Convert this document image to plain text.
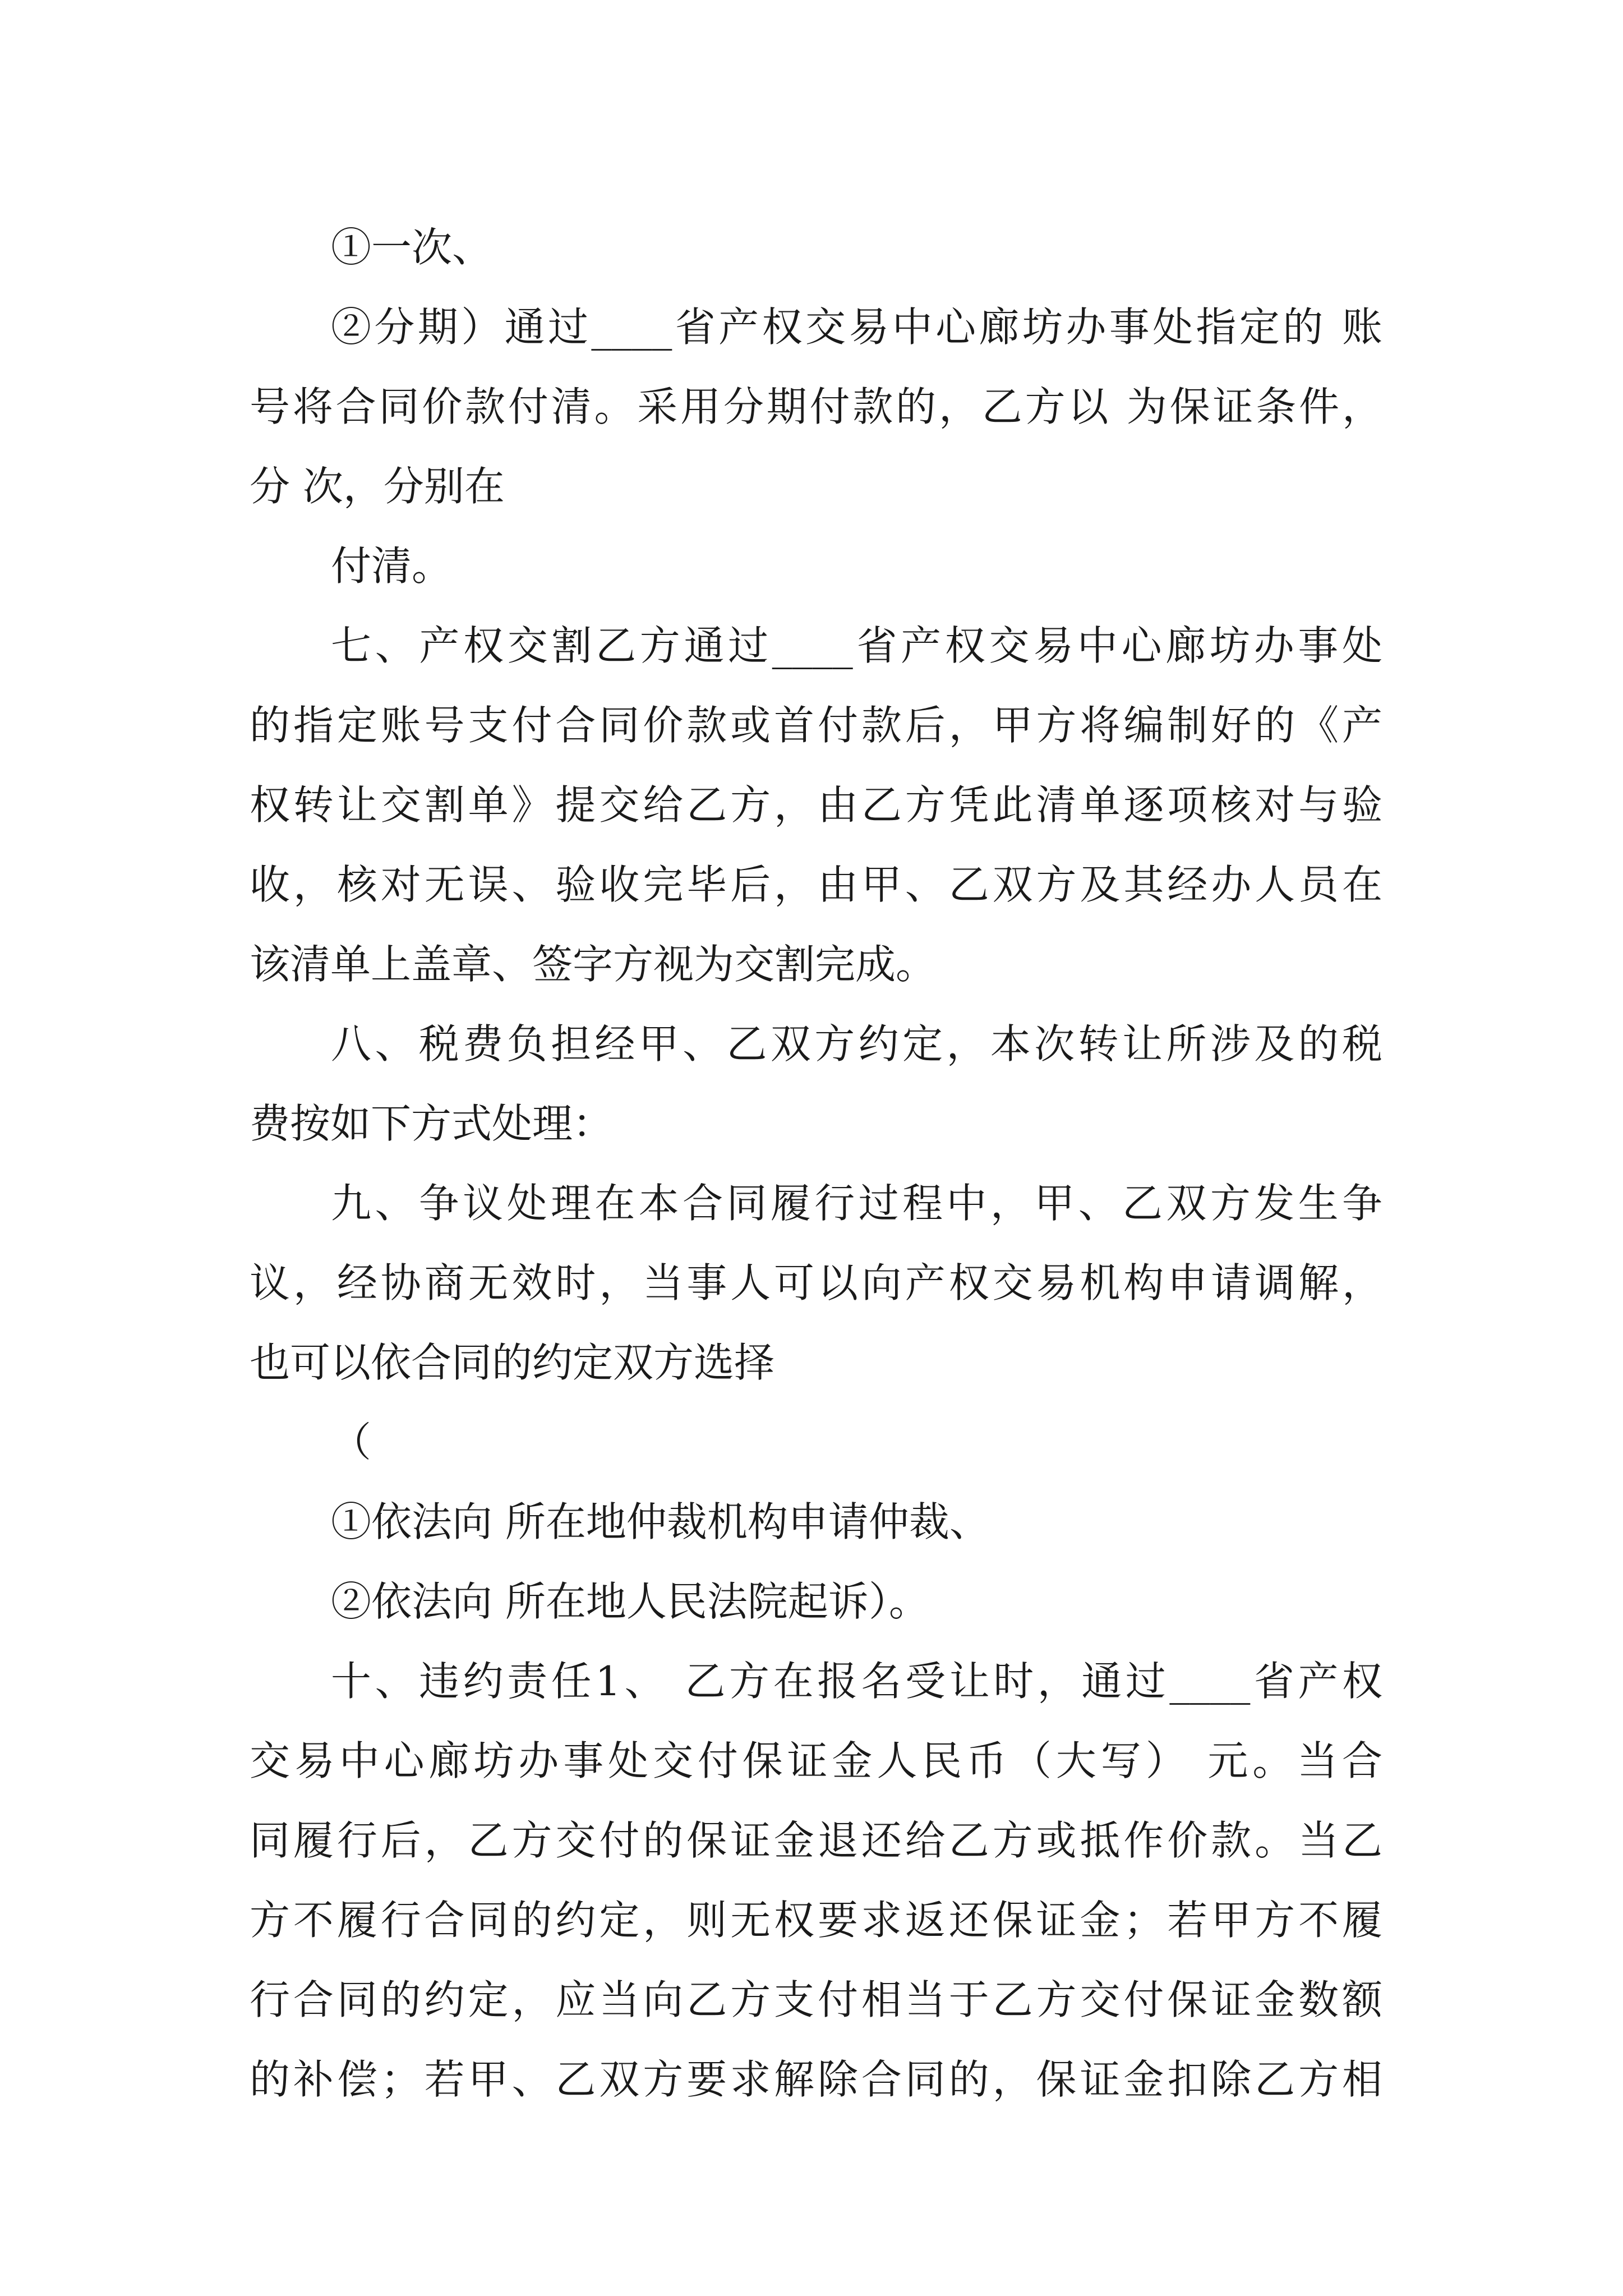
①一次、
②分期）通过____省产权交易中心廊坊办事处指定的 账
号将合同价款付清。采用分期付款的，乙方以 为保证条件，
分 次，分别在
付清。
七、产权交割乙方通过____省产权交易中心廊坊办事处
的指定账号支付合同价款或首付款后，甲方将编制好的《产
权转让交割单》提交给乙方，由乙方凭此清单逐项核对与验
收，核对无误、验收完毕后，由甲、乙双方及其经办人员在
该清单上盖章、签字方视为交割完成。
八、税费负担经甲、乙双方约定，本次转让所涉及的税
费按如下方式处理：
九、争议处理在本合同履行过程中，甲、乙双方发生争
议，经协商无效时，当事人可以向产权交易机构申请调解，
也可以依合同的约定双方选择
（
①依法向 所在地仲裁机构申请仲裁、
②依法向 所在地人民法院起诉）。
十、违约责任1、 乙方在报名受让时，通过____省产权
交易中心廊坊办事处交付保证金人民币（大写） 元。当合
同履行后，乙方交付的保证金退还给乙方或抵作价款。当乙
方不履行合同的约定，则无权要求返还保证金；若甲方不履
行合同的约定，应当向乙方支付相当于乙方交付保证金数额
的补偿；若甲、乙双方要求解除合同的，保证金扣除乙方相
